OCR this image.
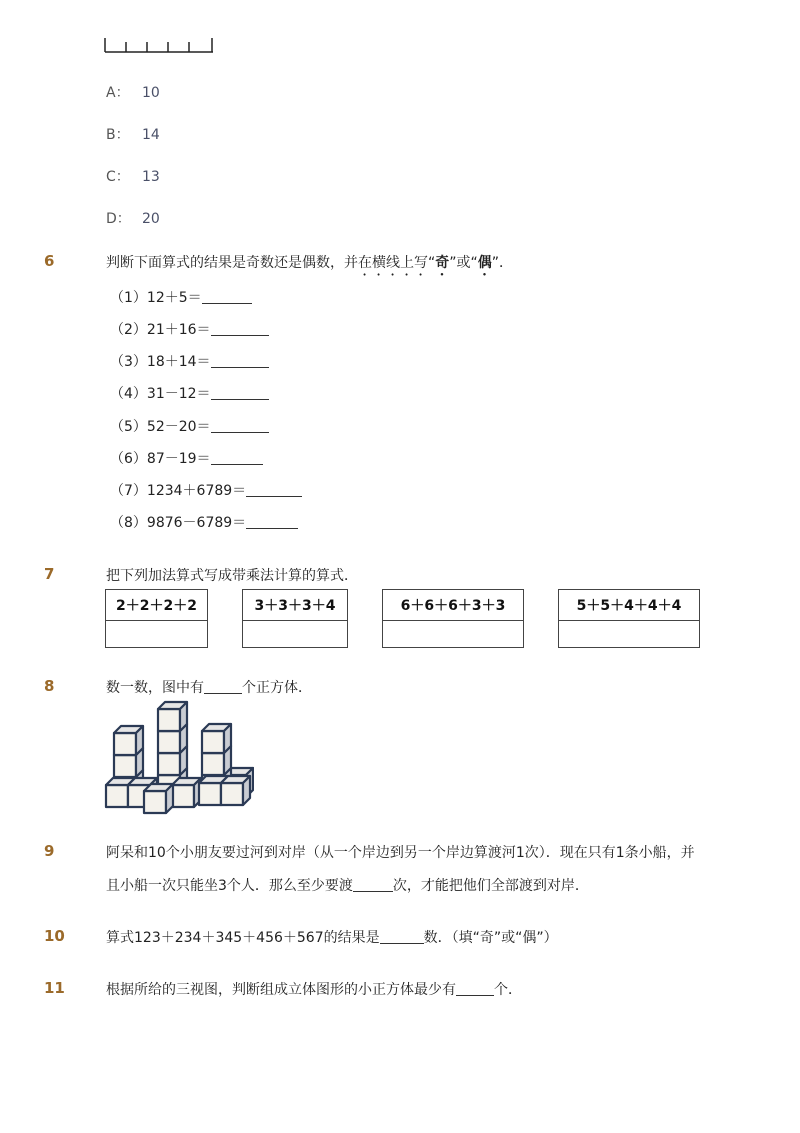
A： 10
B： 14
C： 13
D： 20
6	判断下面算式的结果是奇数还是偶数，并在横线上写“奇”或“偶”．
（1）12＋5＝
（2）21＋16＝
（3）18＋14＝
（4）31－12＝
（5）52－20＝
（6）87－19＝
（7）1234＋6789＝
（8）9876－6789＝
7	把下列加法算式写成带乘法计算的算式．
2＋2＋2＋2	3＋3＋3＋4	6＋6＋6＋3＋3	5＋5＋4＋4＋4
8	数一数，图中有	个正方体．
9	阿呆和10个小朋友要过河到对岸（从一个岸边到另一个岸边算渡河1次）．现在只有1条小船，并
且小船一次只能坐3个人．那么至少要渡	次，才能把他们全部渡到对岸．
10	算式123＋234＋345＋456＋567的结果是	数．（填“奇”或“偶”）
11	根据所给的三视图，判断组成立体图形的小正方体最少有	个．
